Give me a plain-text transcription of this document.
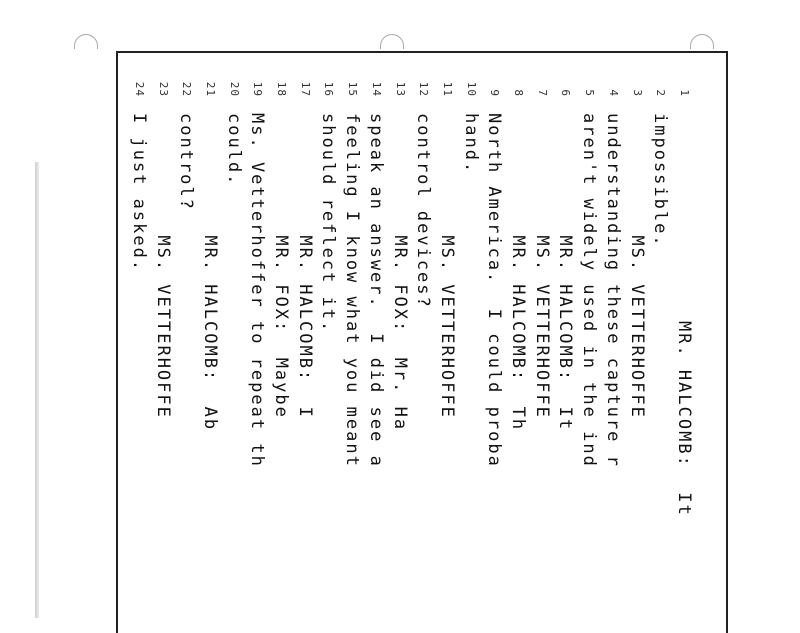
1
MR. HALCOMB:  It
2
impossible.
3
MS. VETTERHOFFE
4
understanding these capture r
5
aren't widely used in the ind
6
MR. HALCOMB:  It
7
MS. VETTERHOFFE
8
MR. HALCOMB:  Th
9
North America.  I could proba
10
hand.
11
MS. VETTERHOFFE
12
control devices?
13
MR. FOX:  Mr. Ha
14
speak an answer.  I did see a
15
feeling I know what you meant
16
should reflect it.
17
MR. HALCOMB:  I
18
MR. FOX:  Maybe
19
Ms. Vetterhoffer to repeat th
20
could.
21
MR. HALCOMB:  Ab
22
control?
23
MS. VETTERHOFFE
24
I just asked.
